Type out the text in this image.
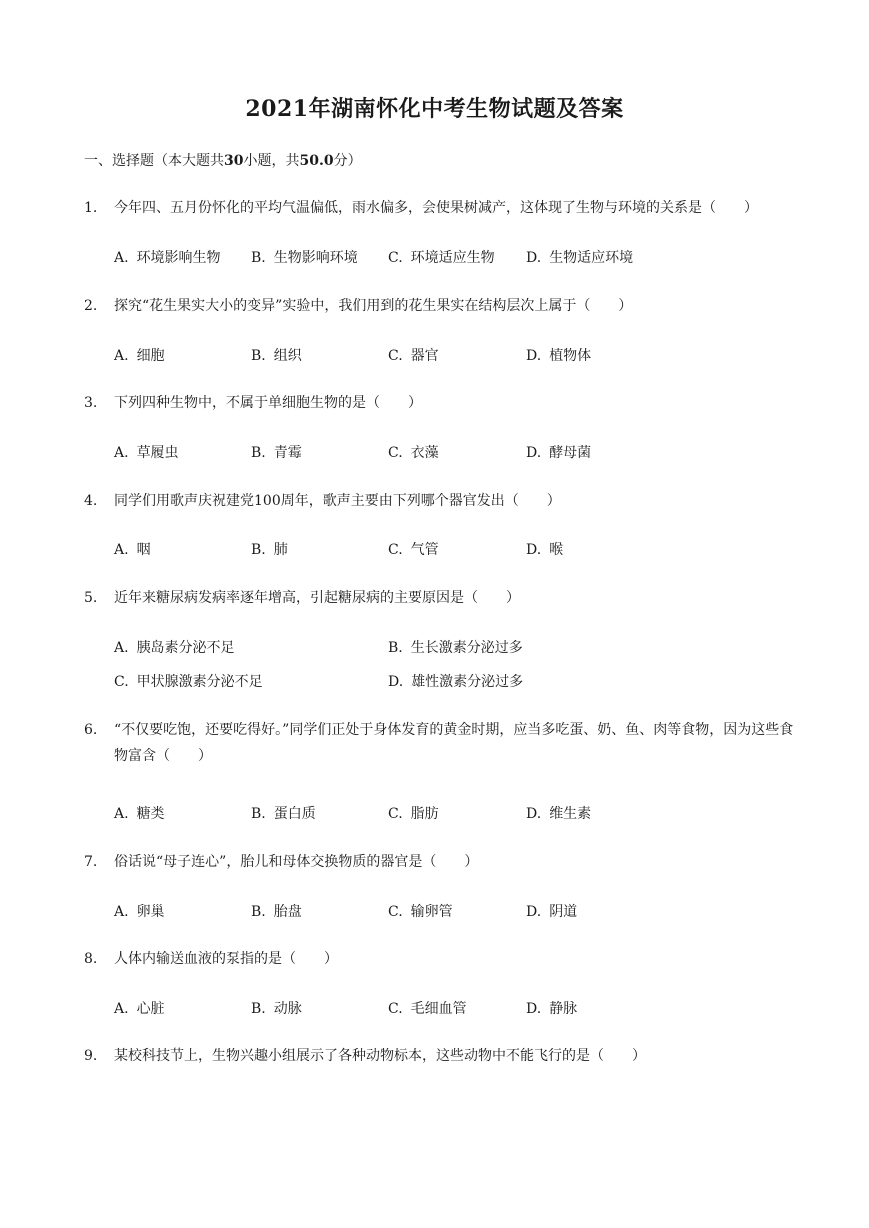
2021年湖南怀化中考生物试题及答案
一、选择题（本大题共30小题，共50.0分）
1. 今年四、五月份怀化的平均气温偏低，雨水偏多，会使果树减产，这体现了生物与环境的关系是（　　）
A. 环境影响生物 B. 生物影响环境 C. 环境适应生物 D. 生物适应环境
2. 探究“花生果实大小的变异”实验中，我们用到的花生果实在结构层次上属于（　　）
A. 细胞	B. 组织	C. 器官	D. 植物体
3. 下列四种生物中，不属于单细胞生物的是（　　）
A. 草履虫	B. 青霉	C. 衣藻	D. 酵母菌
4. 同学们用歌声庆祝建党100周年，歌声主要由下列哪个器官发出（　　）
A. 咽	B. 肺	C. 气管	D. 喉
5. 近年来糖尿病发病率逐年增高，引起糖尿病的主要原因是（　　）
A. 胰岛素分泌不足	B. 生长激素分泌过多
C. 甲状腺激素分泌不足	D. 雄性激素分泌过多
6. “不仅要吃饱，还要吃得好。”同学们正处于身体发育的黄金时期，应当多吃蛋、奶、鱼、肉等食物，因为这些食物富含（　　）
A. 糖类	B. 蛋白质	C. 脂肪	D. 维生素
7. 俗话说“母子连心”，胎儿和母体交换物质的器官是（　　）
A. 卵巢	B. 胎盘	C. 输卵管	D. 阴道
8. 人体内输送血液的泵指的是（　　）
A. 心脏	B. 动脉	C. 毛细血管	D. 静脉
9. 某校科技节上，生物兴趣小组展示了各种动物标本，这些动物中不能飞行的是（　　）
